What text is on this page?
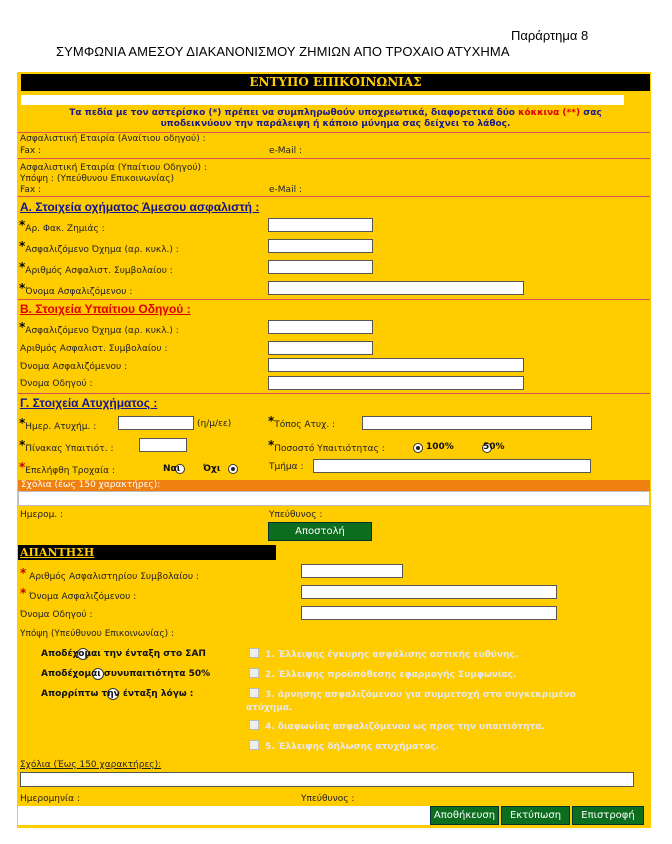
Παράρτημα 8
ΣΥΜΦΩΝΙΑ ΑΜΕΣΟΥ ΔΙΑΚΑΝΟΝΙΣΜΟΥ ΖΗΜΙΩΝ ΑΠΟ ΤΡΟΧΑΙΟ ΑΤΥΧΗΜΑ
ΕΝΤΥΠΟ ΕΠΙΚΟΙΝΩΝΙΑΣ
Τα πεδία με τον αστερίσκο (*) πρέπει να συμπληρωθούν υποχρεωτικά, διαφορετικά δύο κόκκινα (**) σας
υποδεικνύουν την παράλειψη ή κάποιο μύνημα σας δείχνει το λάθος.
Ασφαλιστική Εταιρία (Αναίτιου οδηγού) :
Fax :	e-Mail :
Ασφαλιστική Εταιρία (Υπαίτιου Οδηγού) :
Υπόψη : (Υπεύθυνου Επικοινωνίας)
Fax :	e-Mail :
Α. Στοιχεία οχήματος Άμεσου ασφαλιστή :
*Αρ. Φακ. Ζημιάς :
*Ασφαλιζόμενο Όχημα (αρ. κυκλ.) :
*Αριθμός Ασφαλιστ. Συμβολαίου :
*Όνομα Ασφαλιζόμενου :
Β. Στοιχεία Υπαίτιου Οδηγού :
*Ασφαλιζόμενο Όχημα (αρ. κυκλ.) :
Αριθμός Ασφαλιστ. Συμβολαίου :
Όνομα Ασφαλιζόμενου :
Όνομα Οδηγού :
Γ. Στοιχεία Ατυχήματος :
*Ημερ. Ατυχήμ. :	(η/μ/εε)	*Τόπος Ατυχ. :
*Πίνακας Υπαιτιότ. :	*Ποσοστό Υπαιτιότητας :
	100%
	50%
*Επελήφθη Τροχαία :
	Ναι
	Όχι	Τμήμα :
Σχόλια (έως 150 χαρακτήρες):
Ημερομ. :	Υπεύθυνος :
Αποστολή
ΑΠΑΝΤΗΣΗ
* Αριθμός Ασφαλιστηρίου Συμβολαίου :
* Όνομα Ασφαλιζόμενου :
Όνομα Οδηγού :
Υπόψη (Υπεύθυνου Επικοινωνίας) :

Αποδέχομαι την ένταξη στο ΣΑΠ

Αποδέχομαι συνυπαιτιότητα 50%
Απορρίπτω την ένταξη λόγω :
1. Έλλειψης έγκυρης ασφάλισης αστικής ευθύνης.
2. Έλλειψης προϋπόθεσης εφαρμογής Συμφωνίας.
3. άρνησης ασφαλιζόμενου για συμμετοχή στο συγκεκριμένο
ατύχημα.
4. διαφωνίας ασφαλιζόμενου ως προς την υπαιτιότητα.
5. Έλλειψης δήλωσης ατυχήματος.
Σχόλια (Έως 150 χαρακτήρες):
Ημερομηνία :	Υπεύθυνος :
Αποθήκευση	Εκτύπωση	Επιστροφή
